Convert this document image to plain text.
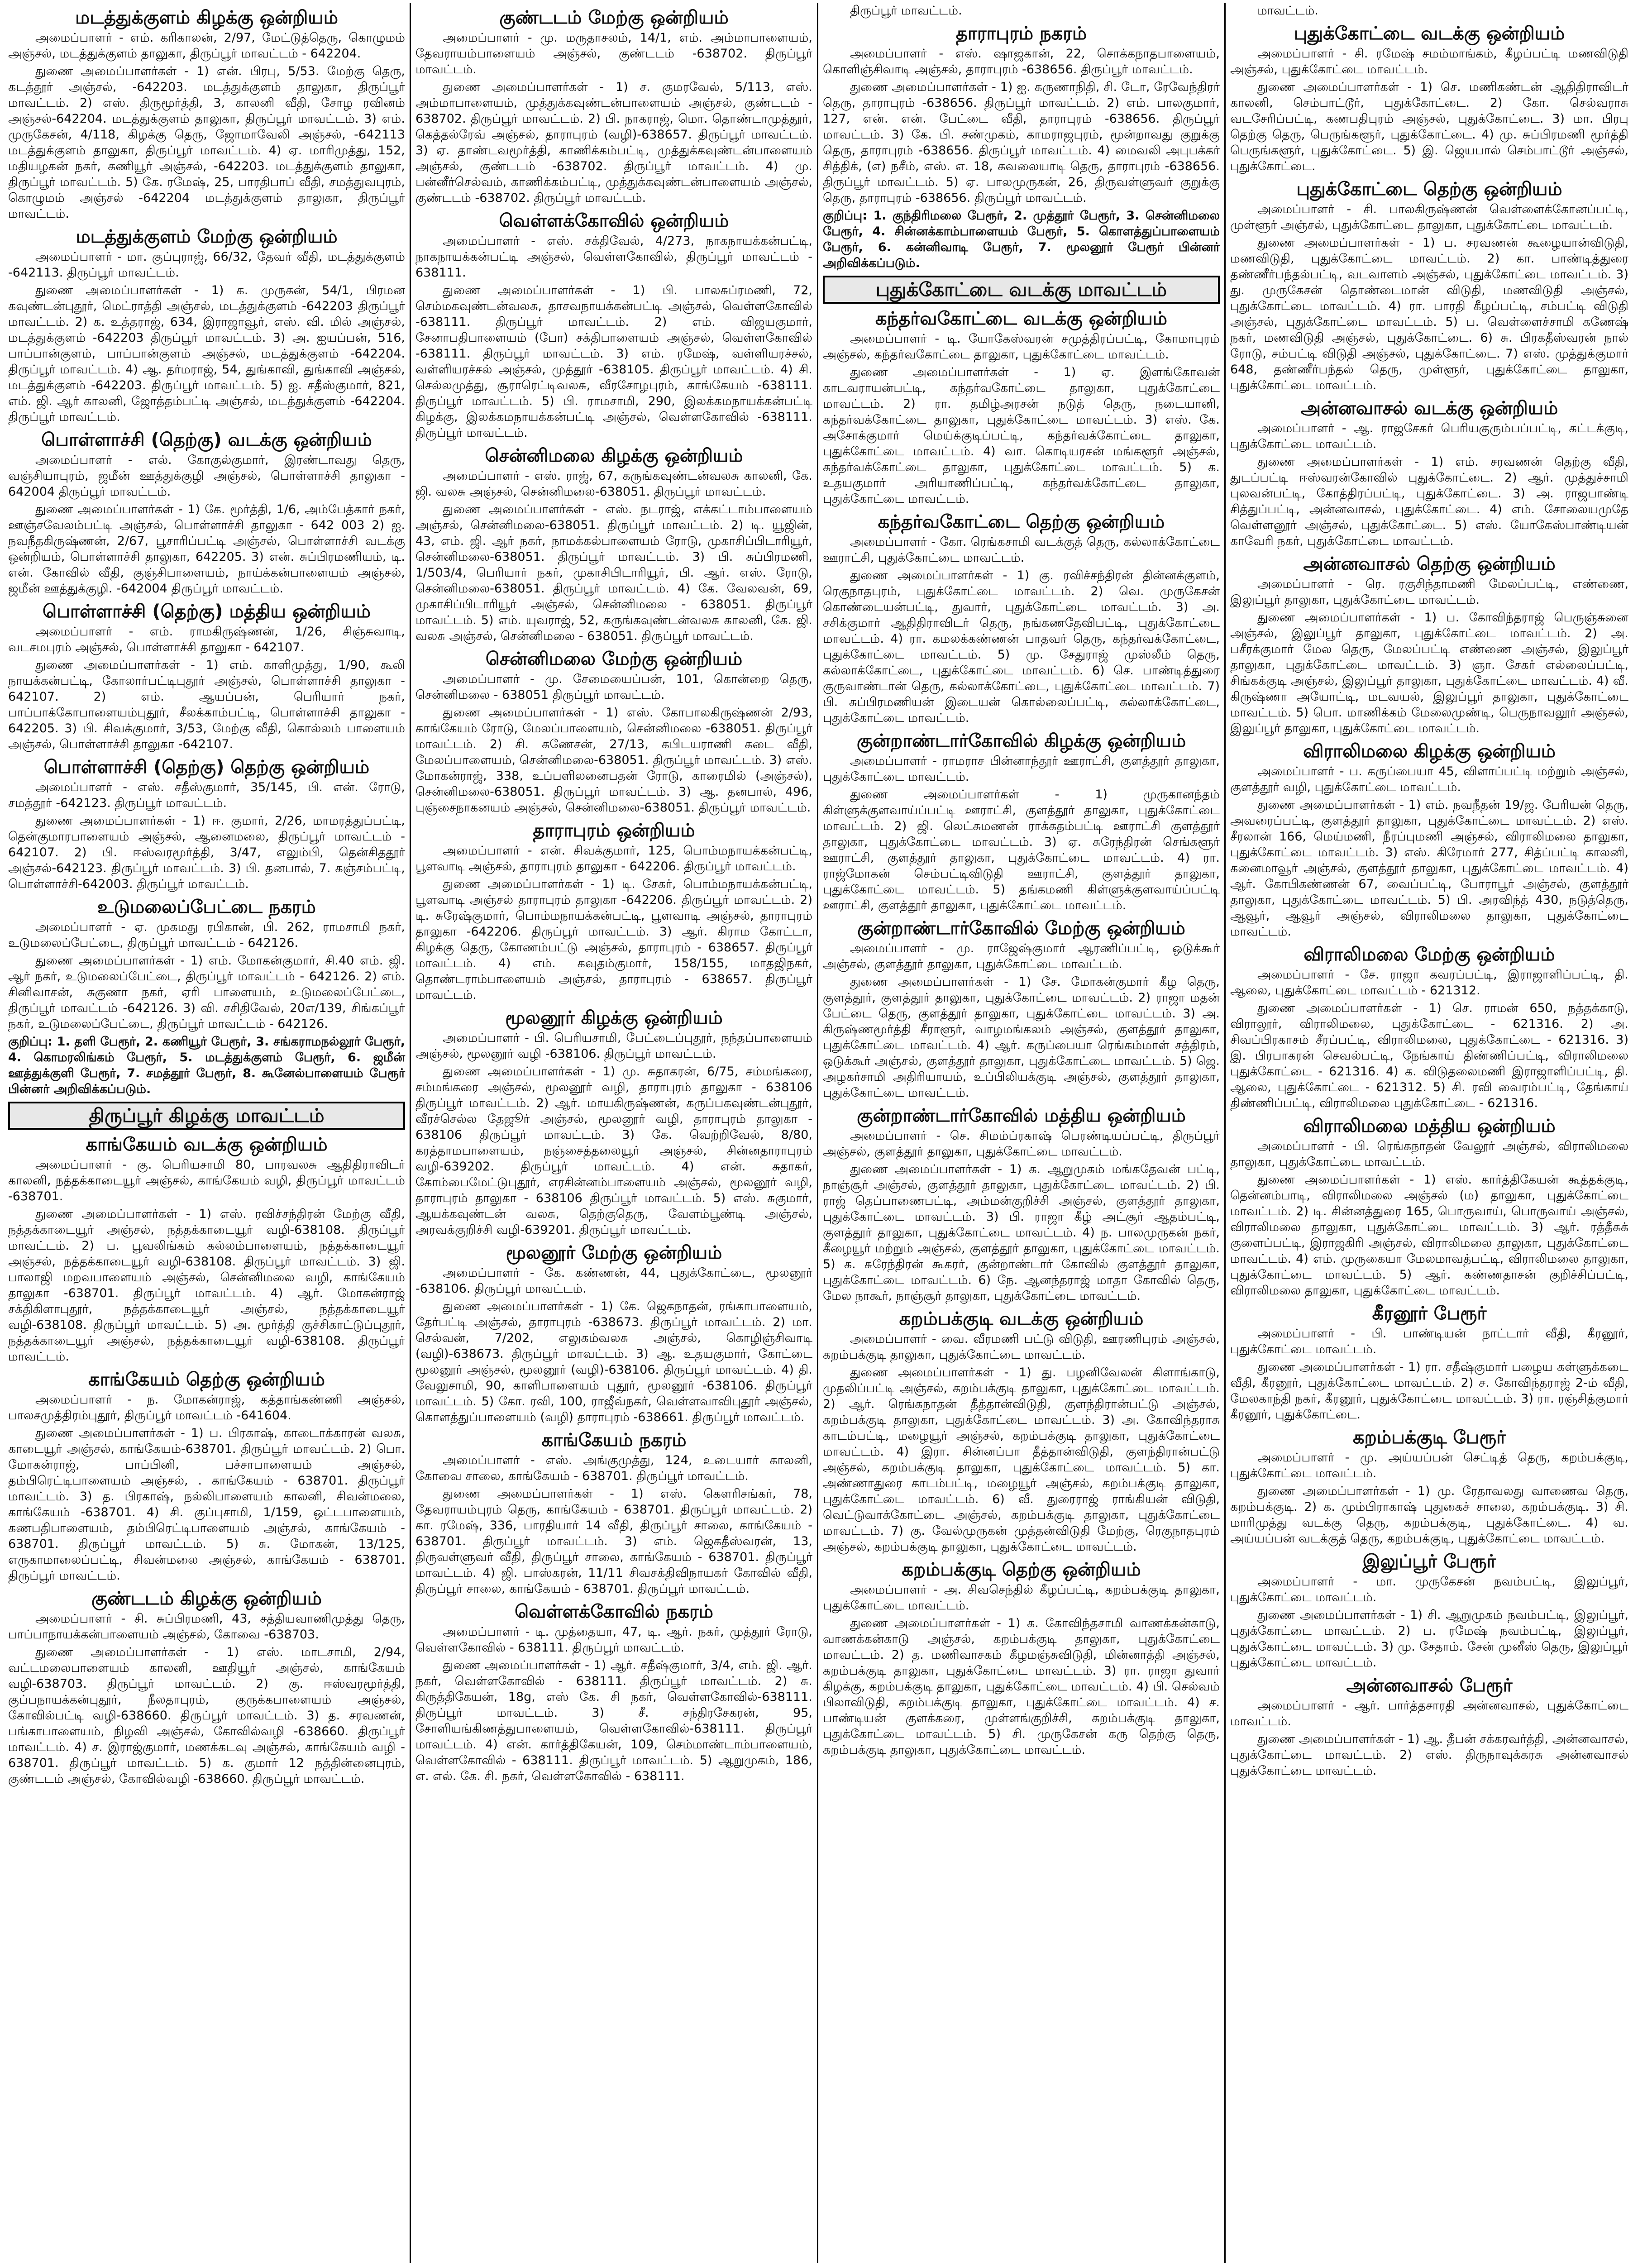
மடத்துக்குளம் கிழக்கு ஒன்றியம்
அமைப்பாளர் - எம். கரிகாலன், 2/97, மேட்டுத்தெரு, கொழுமம் அஞ்சல், மடத்துக்குளம் தாலுகா, திருப்பூர் மாவட்டம் - 642204.
துணை அமைப்பாளர்கள் - 1) என். பிரபு, 5/53. மேற்கு தெரு, கடத்தூர் அஞ்சல், -642203. மடத்துக்குளம் தாலுகா, திருப்பூர் மாவட்டம். 2) எஸ். திருமூர்த்தி, 3, காலனி வீதி, சோழ ரவினம் அஞ்சல்-642204. மடத்துக்குளம் தாலுகா, திருப்பூர் மாவட்டம். 3) எம். முருகேசன், 4/118, கிழக்கு தெரு, ஜோமாவேலி அஞ்சல், -642113 மடத்துக்குளம் தாலுகா, திருப்பூர் மாவட்டம். 4) ஏ. மாரிமுத்து, 152, மதியழகன் நகர், கணியூர் அஞ்சல், -642203. மடத்துக்குளம் தாலுகா, திருப்பூர் மாவட்டம். 5) கே. ரமேஷ், 25, பாரதிபாப் வீதி, சமத்துவபுரம், கொழுமம் அஞ்சல் -642204 மடத்துக்குளம் தாலுகா, திருப்பூர் மாவட்டம்.
மடத்துக்குளம் மேற்கு ஒன்றியம்
அமைப்பாளர் - மா. குப்புராஜ், 66/32, தேவர் வீதி, மடத்துக்குளம் -642113. திருப்பூர் மாவட்டம்.
துணை அமைப்பாளர்கள் - 1) க. முருகன், 54/1, பிரமன கவுண்டன்புதூர், மெட்ராத்தி அஞ்சல், மடத்துக்குளம் -642203 திருப்பூர் மாவட்டம். 2) க. உத்தராஜ், 634, இராஜாவூர், எஸ். வி. மில் அஞ்சல், மடத்துக்குளம் -642203 திருப்பூர் மாவட்டம். 3) அ. ஐயப்பன், 516, பாப்பான்குளம், பாப்பான்குளம் அஞ்சல், மடத்துக்குளம் -642204. திருப்பூர் மாவட்டம். 4) ஆ. தர்மராஜ், 54, துங்காவி, துங்காவி அஞ்சல், மடத்துக்குளம் -642203. திருப்பூர் மாவட்டம். 5) ஐ. சதீஸ்குமார், 821, எம். ஜி. ஆர் காலனி, ஜோத்தம்பட்டி அஞ்சல், மடத்துக்குளம் -642204. திருப்பூர் மாவட்டம்.
பொள்ளாச்சி (தெற்கு) வடக்கு ஒன்றியம்
அமைப்பாளர் - எல். கோகுல்குமார், இரண்டாவது தெரு, வஞ்சியாபுரம், ஜமீன் ஊத்துக்குழி அஞ்சல், பொள்ளாச்சி தாலுகா - 642004 திருப்பூர் மாவட்டம்.
துணை அமைப்பாளர்கள் - 1) கே. மூர்த்தி, 1/6, அம்பேத்கார் நகர், ஊஞ்சவேலம்பட்டி அஞ்சல், பொள்ளாச்சி தாலுகா - 642 003 2) ஐ. நவநீதகிருஷ்ணன், 2/67, பூசாரிப்பட்டி அஞ்சல், பொள்ளாச்சி வடக்கு ஒன்றியம், பொள்ளாச்சி தாலுகா, 642205. 3) என். சுப்பிரமணியம், டி. என். கோவில் வீதி, குஞ்சிபாளையம், நாய்க்கன்பாளையம் அஞ்சல், ஜமீன் ஊத்துக்குழி. -642004 திருப்பூர் மாவட்டம்.
பொள்ளாச்சி (தெற்கு) மத்திய ஒன்றியம்
அமைப்பாளர் - எம். ராமகிருஷ்ணன், 1/26, சிஞ்சுவாடி, வடசமபுரம் அஞ்சல், பொள்ளாச்சி தாலுகா - 642107.
துணை அமைப்பாளர்கள் - 1) எம். காளிமுத்து, 1/90, கூலி நாயக்கன்பட்டி, கோலார்பட்டிபுதூர் அஞ்சல், பொள்ளாச்சி தாலுகா - 642107. 2) எம். ஆயப்பன், பெரியார் நகர், பாப்பாக்கோபாளையம்புதூர், சீலக்காம்பட்டி, பொள்ளாச்சி தாலுகா - 642205. 3) பி. சிவக்குமார், 3/53, மேற்கு வீதி, கொல்லம் பாளையம் அஞ்சல், பொள்ளாச்சி தாலுகா -642107.
பொள்ளாச்சி (தெற்கு) தெற்கு ஒன்றியம்
அமைப்பாளர் - எஸ். சதீஸ்குமார், 35/145, பி. என். ரோடு, சமத்தூர் -642123. திருப்பூர் மாவட்டம்.
துணை அமைப்பாளர்கள் - 1) ஈ. குமார், 2/26, மாமரத்துப்பட்டி, தென்குமாரபாளையம் அஞ்சல், ஆனைமலை, திருப்பூர் மாவட்டம் - 642107. 2) பி. ஈஸ்வரமூர்த்தி, 3/47, எலும்பி, தென்சிததூர் அஞ்சல்-642123. திருப்பூர் மாவட்டம். 3) பி. தனபால், 7. கஞ்சம்பட்டி, பொள்ளாச்சி-642003. திருப்பூர் மாவட்டம்.
உடுமலைப்பேட்டை நகரம்
அமைப்பாளர் - ஏ. முகமது ரபிகான், பி. 262, ராமசாமி நகர், உடுமலைப்பேட்டை, திருப்பூர் மாவட்டம் - 642126.
துணை அமைப்பாளர்கள் - 1) எம். மோகன்குமார், சி.40 எம். ஜி. ஆர் நகர், உடுமலைப்பேட்டை, திருப்பூர் மாவட்டம் - 642126. 2) எம். சினிவாசன், சுகுணா நகர், ஏரி பாளையம், உடுமலைப்பேட்டை, திருப்பூர் மாவட்டம் -642126. 3) வி. சசிதிவேல், 20எ/139, சிங்கப்பூர் நகர், உடுமலைப்பேட்டை, திருப்பூர் மாவட்டம் - 642126.
குறிப்பு: 1. தளி பேரூர், 2. கணியூர் பேரூர், 3. சங்கராமநல்லூர் பேரூர், 4. கொமரலிங்கம் பேரூர், 5. மடத்துக்குளம் பேரூர், 6. ஜமீன் ஊத்துக்குளி பேரூர், 7. சமத்தூர் பேரூர், 8. கூனேல்பாளையம் பேரூர் பின்னர் அறிவிக்கப்படும்.
திருப்பூர் கிழக்கு மாவட்டம்
காங்கேயம் வடக்கு ஒன்றியம்
அமைப்பாளர் - கு. பெரியசாமி 80, பாரவலசு ஆதிதிராவிடர் காலனி, நத்தக்காடையூர் அஞ்சல், காங்கேயம் வழி, திருப்பூர் மாவட்டம் -638701.
துணை அமைப்பாளர்கள் - 1) எஸ். ரவிச்சந்திரன் மேற்கு வீதி, நத்தக்காடையூர் அஞ்சல், நத்தக்காடையூர் வழி-638108. திருப்பூர் மாவட்டம். 2) ப. பூவலிங்கம் கல்லம்பாளையம், நத்தக்காடையூர் அஞ்சல், நத்தக்காடையூர் வழி-638108. திருப்பூர் மாவட்டம். 3) ஜி. பாலாஜி மறவபாளையம் அஞ்சல், சென்னிமலை வழி, காங்கேயம் தாலுகா -638701. திருப்பூர் மாவட்டம். 4) ஆர். மோகன்ராஜ் சக்திகிளாபுதூர், நத்தக்காடையூர் அஞ்சல், நத்தக்காடையூர் வழி-638108. திருப்பூர் மாவட்டம். 5) அ. மூர்த்தி குச்சிகாட்டுப்புதூர், நத்தக்காடையூர் அஞ்சல், நத்தக்காடையூர் வழி-638108. திருப்பூர் மாவட்டம்.
காங்கேயம் தெற்கு ஒன்றியம்
அமைப்பாளர் - ந. மோகன்ராஜ், கத்தாங்கண்ணி அஞ்சல், பாலசமுத்திரம்புதூர், திருப்பூர் மாவட்டம் -641604.
துணை அமைப்பாளர்கள் - 1) ப. பிரகாஷ், காடைாக்காரன் வலசு, காடையூர் அஞ்சல், காங்கேயம்-638701. திருப்பூர் மாவட்டம். 2) பொ. மோகன்ராஜ், பாப்பினி, பச்சாபாளையம் அஞ்சல், தம்பிரெட்டிபாளையம் அஞ்சல், . காங்கேயம் - 638701. திருப்பூர் மாவட்டம். 3) த. பிரகாஷ், நல்லிபாளையம் காலனி, சிவன்மலை, காங்கேயம் -638701. 4) சி. குப்புசாமி, 1/159, ஒட்டபாளையம், கணபதிபாளையம், தம்பிரெட்டிபாளையம் அஞ்சல், காங்கேயம் - 638701. திருப்பூர் மாவட்டம். 5) சு. மோகன், 13/125, எருகாமாலைப்பட்டி, சிவன்மலை அஞ்சல், காங்கேயம் - 638701. திருப்பூர் மாவட்டம்.
குண்டடம் கிழக்கு ஒன்றியம்
அமைப்பாளர் - சி. சுப்பிரமணி, 43, சத்தியவாணிமுத்து தெரு, பாப்பாநாயக்கன்பாளையம் அஞ்சல், கோவை -638703.
துணை அமைப்பாளர்கள் - 1) எஸ். மாடசாமி, 2/94, வட்டமலைபாளையம் காலனி, ஊதியூர் அஞ்சல், காங்கேயம் வழி-638703. திருப்பூர் மாவட்டம். 2) கு. ஈஸ்வரமூர்த்தி, குப்பநாயக்கன்புதூர், நீலதாபுரம், குருக்கபாளையம் அஞ்சல், கோவில்பட்டி வழி-638660. திருப்பூர் மாவட்டம். 3) த. சரவணன், பங்காபாளையம், நிழவி அஞ்சல், கோவில்வழி -638660. திருப்பூர் மாவட்டம். 4) ச. இராஜ்குமார், மணக்கடவு அஞ்சல், காங்கேயம் வழி - 638701. திருப்பூர் மாவட்டம். 5) க. குமார் 12 நத்தின்னைபுரம், குண்டடம் அஞ்சல், கோவில்வழி -638660. திருப்பூர் மாவட்டம்.
குண்டடம் மேற்கு ஒன்றியம்
அமைப்பாளர் - மு. மருதாசலம், 14/1, எம். அம்மாபாளையம், தேவராயம்பாளையம் அஞ்சல், குண்டடம் -638702. திருப்பூர் மாவட்டம்.
துணை அமைப்பாளர்கள் - 1) ச. குமரவேல், 5/113, எஸ். அம்மாபாளையம், முத்துக்கவுண்டன்பாளையம் அஞ்சல், குண்டடம் - 638702. திருப்பூர் மாவட்டம். 2) பி. நாகராஜ், மொ. தொண்டாமுத்தூர், கெத்தல்ரேவ் அஞ்சல், தாராபுரம் (வழி)-638657. திருப்பூர் மாவட்டம். 3) ஏ. தாண்டவமூர்த்தி, காணிக்கம்பட்டி, முத்துக்கவுண்டன்பாளையம் அஞ்சல், குண்டடம் -638702. திருப்பூர் மாவட்டம். 4) மு. பன்னீர்செல்வம், காணிக்கம்பட்டி, முத்துக்கவுண்டன்பாளையம் அஞ்சல், குண்டடம் -638702. திருப்பூர் மாவட்டம்.
வெள்ளக்கோவில் ஒன்றியம்
அமைப்பாளர் - எஸ். சக்திவேல், 4/273, நாகநாயக்கன்பட்டி, நாகநாயக்கன்பட்டி அஞ்சல், வெள்ளகோவில், திருப்பூர் மாவட்டம் - 638111.
துணை அமைப்பாளர்கள் - 1) பி. பாலசுப்ரமணி, 72, செம்மகவுண்டன்வலசு, தாசவநாயக்கன்பட்டி அஞ்சல், வெள்ளகோவில் -638111. திருப்பூர் மாவட்டம். 2) எம். விஜயகுமார், சேனாபதிபாளையம் (போ) சக்திபாளையம் அஞ்சல், வெள்ளகோவில் -638111. திருப்பூர் மாவட்டம். 3) எம். ரமேஷ், வள்ளியரச்சல், வள்ளியரச்சல் அஞ்சல், முத்தூர் -638105. திருப்பூர் மாவட்டம். 4) சி. செல்லமுத்து, சூராரெட்டிவலசு, வீரசோழபுரம், காங்கேயம் -638111. திருப்பூர் மாவட்டம். 5) பி. ராமசாமி, 290, இலக்கமநாயக்கன்பட்டி கிழக்கு, இலக்கமநாயக்கன்பட்டி அஞ்சல், வெள்ளகோவில் -638111. திருப்பூர் மாவட்டம்.
சென்னிமலை கிழக்கு ஒன்றியம்
அமைப்பாளர் - எஸ். ராஜ், 67, கருங்கவுண்டன்வலசு காலனி, கே. ஜி. வலசு அஞ்சல், சென்னிமலை-638051. திருப்பூர் மாவட்டம்.
துணை அமைப்பாளர்கள் - எஸ். நடராஜ், எக்கட்டாம்பாளையம் அஞ்சல், சென்னிமலை-638051. திருப்பூர் மாவட்டம். 2) டி. யூஜின், 43, எம். ஜி. ஆர் நகர், நாமக்கல்பாளையம் ரோடு, முகாசிப்பிடாரியூர், சென்னிமலை-638051. திருப்பூர் மாவட்டம். 3) பி. சுப்பிரமணி, 1/503/4, பெரியார் நகர், முகாசிபிடாரியூர், பி. ஆர். எஸ். ரோடு, சென்னிமலை-638051. திருப்பூர் மாவட்டம். 4) கே. வேலவன், 69, முகாசிப்பிடாரியூர் அஞ்சல், சென்னிமலை - 638051. திருப்பூர் மாவட்டம். 5) எம். யுவராஜ், 52, கருங்கவுண்டன்வலசு காலனி, கே. ஜி. வலசு அஞ்சல், சென்னிமலை - 638051. திருப்பூர் மாவட்டம்.
சென்னிமலை மேற்கு ஒன்றியம்
அமைப்பாளர் - மு. சேமையைப்பன், 101, கொன்றை தெரு, சென்னிமலை - 638051 திருப்பூர் மாவட்டம்.
துணை அமைப்பாளர்கள் - 1) எஸ். கோபாலகிருஷ்ணன் 2/93, காங்கேயம் ரோடு, மேலப்பாளையம், சென்னிமலை -638051. திருப்பூர் மாவட்டம். 2) சி. கணேசன், 27/13, கபிடயராணி கடை வீதி, மேலப்பாளையம், சென்னிமலை-638051. திருப்பூர் மாவட்டம். 3) எஸ். மோகன்ராஜ், 338, உப்பளிலனைபதன் ரோடு, காரைமில் (அஞ்சல்), சென்னிமலை-638051. திருப்பூர் மாவட்டம். 3) ஆ. தனபால், 496, புஞ்சைநாகனயம் அஞ்சல், சென்னிமலை-638051. திருப்பூர் மாவட்டம்.
தாராபுரம் ஒன்றியம்
அமைப்பாளர் - என். சிவக்குமார், 125, பொம்மநாயக்கன்பட்டி, பூளவாடி அஞ்சல், தாராபுரம் தாலுகா - 642206. திருப்பூர் மாவட்டம்.
துணை அமைப்பாளர்கள் - 1) டி. சேகர், பொம்மநாயக்கன்பட்டி, பூளவாடி அஞ்சல் தாராபுரம் தாலுகா -642206. திருப்பூர் மாவட்டம். 2) டி. சுரேஷ்குமார், பொம்மநாயக்கன்பட்டி, பூளவாடி அஞ்சல், தாராபுரம் தாலுகா -642206. திருப்பூர் மாவட்டம். 3) ஆர். கிராம கோட்டா, கிழக்கு தெரு, கோணம்பட்டு அஞ்சல், தாராபுரம் - 638657. திருப்பூர் மாவட்டம். 4) எம். கவுதம்குமார், 158/155, மாதஜிநகர், தொண்டராம்பாளையம் அஞ்சல், தாராபுரம் - 638657. திருப்பூர் மாவட்டம்.
மூலனூர் கிழக்கு ஒன்றியம்
அமைப்பாளர் - பி. பெரியசாமி, பேட்டைப்புதூர், நந்தப்பாளையம் அஞ்சல், மூலனூர் வழி -638106. திருப்பூர் மாவட்டம்.
துணை அமைப்பாளர்கள் - 1) மு. சுதாகரன், 6/75, சம்மங்கரை, சம்மங்கரை அஞ்சல், மூலனூர் வழி, தாராபுரம் தாலுகா - 638106 திருப்பூர் மாவட்டம். 2) ஆர். மாயகிருஷ்ணன், கருப்பகவுண்டன்புதூர், வீரச்செல்ல தேஜூர் அஞ்சல், மூலனூர் வழி, தாராபுரம் தாலுகா - 638106 திருப்பூர் மாவட்டம். 3) கே. வெற்றிவேல், 8/80, கரத்தாமபாளையம், நஞ்சைத்தலையூர் அஞ்சல், சின்னதாராபுரம் வழி-639202. திருப்பூர் மாவட்டம். 4) என். சுதாகர், கோம்பைமேட்டுபுதூர், எரசின்னம்பாளையம் அஞ்சல், மூலனூர் வழி, தாராபுரம் தாலுகா - 638106 திருப்பூர் மாவட்டம். 5) எஸ். சுகுமார், ஆயக்கவுண்டன் வலசு, தெற்குதெரு, வேளம்பூண்டி அஞ்சல், அரவக்குறிச்சி வழி-639201. திருப்பூர் மாவட்டம்.
மூலனூர் மேற்கு ஒன்றியம்
அமைப்பாளர் - கே. கண்ணன், 44, புதுக்கோட்டை, மூலனூர் -638106. திருப்பூர் மாவட்டம்.
துணை அமைப்பாளர்கள் - 1) கே. ஜெகநாதன், ரங்காபாளையம், தேர்பட்டி அஞ்சல், தாராபுரம் -638673. திருப்பூர் மாவட்டம். 2) மா. செல்வன், 7/202, எலுகம்வலசு அஞ்சல், கொழிஞ்சிவாடி (வழி)-638673. திருப்பூர் மாவட்டம். 3) ஆ. உதயகுமார், கோட்டை மூலனூர் அஞ்சல், மூலனூர் (வழி)-638106. திருப்பூர் மாவட்டம். 4) தி. வேலுசாமி, 90, காளிபாளையம் புதூர், மூலனூர் -638106. திருப்பூர் மாவட்டம். 5) கோ. ரவி, 100, ராஜீவ்நகர், வெள்ளவாவிபுதூர் அஞ்சல், கொளத்துப்பாளையம் (வழி) தாராபுரம் -638661. திருப்பூர் மாவட்டம்.
காங்கேயம் நகரம்
அமைப்பாளர் - எஸ். அங்குமுத்து, 124, உடையார் காலனி, கோவை சாலை, காங்கேயம் - 638701. திருப்பூர் மாவட்டம்.
துணை அமைப்பாளர்கள் - 1) எஸ். கௌரிசங்கர், 78, தேவராயம்புரம் தெரு, காங்கேயம் - 638701. திருப்பூர் மாவட்டம். 2) கா. ரமேஷ், 336, பாரதியார் 14 வீதி, திருப்பூர் சாலை, காங்கேயம் - 638701. திருப்பூர் மாவட்டம். 3) எம். ஜெகதீஸ்வரன், 13, திருவள்ளுவர் வீதி, திருப்பூர் சாலை, காங்கேயம் - 638701. திருப்பூர் மாவட்டம். 4) ஜி. பாஸ்கரன், 11/11 சிவசக்திவிநாயகர் கோவில் வீதி, திருப்பூர் சாலை, காங்கேயம் - 638701. திருப்பூர் மாவட்டம்.
வெள்ளக்கோவில் நகரம்
அமைப்பாளர் - டி. முத்தையா, 47, டி. ஆர். நகர், முத்தூர் ரோடு, வெள்ளகோவில் - 638111. திருப்பூர் மாவட்டம்.
துணை அமைப்பாளர்கள் - 1) ஆர். சதீஷ்குமார், 3/4, எம். ஜி. ஆர். நகர், வெள்ளகோவில் - 638111. திருப்பூர் மாவட்டம். 2) சு. கிருத்திகேயன், 18g, எஸ் கே. சி நகர், வெள்ளகோவில்-638111. திருப்பூர் மாவட்டம். 3) சீ. சந்திரசேகரன், 95, சோளியங்கிணத்துபாளையம், வெள்ளகோவில்-638111. திருப்பூர் மாவட்டம். 4) என். கார்த்திகேயன், 109, செம்மாண்டாம்பாளையம், வெள்ளகோவில் - 638111. திருப்பூர் மாவட்டம். 5) ஆறுமுகம், 186, எ. எல். கே. சி. நகர், வெள்ளகோவில் - 638111.
திருப்பூர் மாவட்டம்.
தாராபுரம் நகரம்
அமைப்பாளர் - எஸ். ஷாஜகான், 22, சொக்கநாதபாளையம், கொளிஞ்சிவாடி அஞ்சல், தாராபுரம் -638656. திருப்பூர் மாவட்டம்.
துணை அமைப்பாளர்கள் - 1) ஐ. கருணாநிதி, சி. டோ, ரேவேந்திரர் தெரு, தாராபுரம் -638656. திருப்பூர் மாவட்டம். 2) எம். பாலகுமார், 127, என். என். பேட்டை வீதி, தாராபுரம் -638656. திருப்பூர் மாவட்டம். 3) கே. பி. சண்முகம், காமராஜபுரம், மூன்றாவது குறுக்கு தெரு, தாராபுரம் -638656. திருப்பூர் மாவட்டம். 4) மைவலி அபுபக்கர் சித்திக், (எ) நசீம், எஸ். எ. 18, கவலையாடி தெரு, தாராபுரம் -638656. திருப்பூர் மாவட்டம். 5) ஏ. பாலமுருகன், 26, திருவள்ளுவர் குறுக்கு தெரு, தாராபுரம் -638656. திருப்பூர் மாவட்டம்.
குறிப்பு: 1. குந்திரிமலை பேரூர், 2. முத்தூர் பேரூர், 3. சென்னிமலை பேரூர், 4. சின்னக்காம்பாளையம் பேரூர், 5. கொளத்துப்பாளையம் பேரூர், 6. கன்னிவாடி பேரூர், 7. மூலனூர் பேரூர் பின்னர் அறிவிக்கப்படும்.
புதுக்கோட்டை வடக்கு மாவட்டம்
கந்தர்வகோட்டை வடக்கு ஒன்றியம்
அமைப்பாளர் - டி. யோகேஸ்வரன் சமுத்திரப்பட்டி, கோமாபுரம் அஞ்சல், கந்தர்வகோட்டை தாலுகா, புதுக்கோட்டை மாவட்டம்.
துணை அமைப்பாளர்கள் - 1) ஏ. இளங்கோவன் காடவராயன்பட்டி, கந்தர்வகோட்டை தாலுகா, புதுக்கோட்டை மாவட்டம். 2) ரா. தமிழ்அரசன் நடுத் தெரு, நடையானி, கந்தர்வக்கோட்டை தாலுகா, புதுக்கோட்டை மாவட்டம். 3) எஸ். கே. அசோக்குமார் மெய்க்குடிப்பட்டி, கந்தர்வக்கோட்டை தாலுகா, புதுக்கோட்டை மாவட்டம். 4) வா. கொடியரசன் மங்களூர் அஞ்சல், கந்தர்வக்கோட்டை தாலுகா, புதுக்கோட்டை மாவட்டம். 5) க. உதயகுமார் அரியாணிப்பட்டி, கந்தர்வக்கோட்டை தாலுகா, புதுக்கோட்டை மாவட்டம்.
கந்தர்வகோட்டை தெற்கு ஒன்றியம்
அமைப்பாளர் - கோ. ரெங்கசாமி வடக்குத் தெரு, கல்லாக்கோட்டை ஊராட்சி, புதுக்கோட்டை மாவட்டம்.
துணை அமைப்பாளர்கள் - 1) கு. ரவிச்சந்திரன் தின்னக்குளம், ரெகுநாதபுரம், புதுக்கோட்டை மாவட்டம். 2) வெ. முருகேசன் கொண்டையன்பட்டி, துவார், புதுக்கோட்டை மாவட்டம். 3) அ. சசிக்குமார் ஆதிதிராவிடர் தெரு, நங்கணதேவிபட்டி, புதுக்கோட்டை மாவட்டம். 4) ரா. கமலக்கண்ணன் பாதவர் தெரு, கந்தர்வக்கோட்டை, புதுக்கோட்டை மாவட்டம். 5) மு. சேதுராஜ் முஸ்லீம் தெரு, கல்லாக்கோட்டை, புதுக்கோட்டை மாவட்டம். 6) செ. பாண்டித்துரை குருவாண்டான் தெரு, கல்லாக்கோட்டை, புதுக்கோட்டை மாவட்டம். 7) பி. சுப்பிரமணியன் இடையன் கொல்லைப்பட்டி, கல்லாக்கோட்டை, புதுக்கோட்டை மாவட்டம்.
குன்றாண்டார்கோவில் கிழக்கு ஒன்றியம்
அமைப்பாளர் - ராமராச பின்னாந்தூர் ஊராட்சி, குளத்தூர் தாலுகா, புதுக்கோட்டை மாவட்டம்.
துணை அமைப்பாளர்கள் - 1) முருகானந்தம் கிள்ளுக்குளவாய்ப்பட்டி ஊராட்சி, குளத்தூர் தாலுகா, புதுக்கோட்டை மாவட்டம். 2) ஜி. லெட்சுமணன் ராக்கதம்பட்டி ஊராட்சி குளத்தூர் தாலுகா, புதுக்கோட்டை மாவட்டம். 3) ஏ. சுரேந்திரன் செங்களூர் ஊராட்சி, குளத்தூர் தாலுகா, புதுக்கோட்டை மாவட்டம். 4) ரா. ராஜ்மோகன் செம்பட்டிவிடுதி ஊராட்சி, குளத்தூர் தாலுகா, புதுக்கோட்டை மாவட்டம். 5) தங்கமணி கிள்ளுக்குளவாய்ப்பட்டி ஊராட்சி, குளத்தூர் தாலுகா, புதுக்கோட்டை மாவட்டம்.
குன்றாண்டார்கோவில் மேற்கு ஒன்றியம்
அமைப்பாளர் - மு. ராஜேஷ்குமார் ஆரணிப்பட்டி, ஒடுக்கூர் அஞ்சல், குளத்தூர் தாலுகா, புதுக்கோட்டை மாவட்டம்.
துணை அமைப்பாளர்கள் - 1) சே. மோகன்குமார் கீழ தெரு, குளத்தூர், குளத்தூர் தாலுகா, புதுக்கோட்டை மாவட்டம். 2) ராஜா மதன் பேட்டை தெரு, குளத்தூர் தாலுகா, புதுக்கோட்டை மாவட்டம். 3) அ. கிருஷ்ணமூர்த்தி சீராளூர், வாழமங்கலம் அஞ்சல், குளத்தூர் தாலுகா, புதுக்கோட்டை மாவட்டம். 4) ஆர். கருப்பையா ரெங்கம்மாள் சத்திரம், ஒடுக்கூர் அஞ்சல், குளத்தூர் தாலுகா, புதுக்கோட்டை மாவட்டம். 5) ஜெ. அழகர்சாமி அதிரியாயம், உப்பிலியக்குடி அஞ்சல், குளத்தூர் தாலுகா, புதுக்கோட்டை மாவட்டம்.
குன்றாண்டார்கோவில் மத்திய ஒன்றியம்
அமைப்பாளர் - செ. சிமம்ப்ரகாஷ் பெரண்டியப்பட்டி, திருப்பூர் அஞ்சல், குளத்தூர் தாலுகா, புதுக்கோட்டை மாவட்டம்.
துணை அமைப்பாளர்கள் - 1) க. ஆறுமுகம் மங்கதேவன் பட்டி, நாஞ்சூர் அஞ்சல், குளத்தூர் தாலுகா, புதுக்கோட்டை மாவட்டம். 2) பி. ராஜ் தெப்பாணைபட்டி, அம்மன்குறிச்சி அஞ்சல், குளத்தூர் தாலுகா, புதுக்கோட்டை மாவட்டம். 3) பி. ராஜா கீழ் அட்சூர் ஆதம்பட்டி, குளத்தூர் தாலுகா, புதுக்கோட்டை மாவட்டம். 4) ந. பாலமுருகன் நகர், கீழையூர் மற்றும் அஞ்சல், குளத்தூர் தாலுகா, புதுக்கோட்டை மாவட்டம். 5) க. சுரேந்திரன் கூகரர், குன்றாண்டார் கோவில் குளத்தூர் தாலுகா, புதுக்கோட்டை மாவட்டம். 6) நே. ஆனந்தராஜ் மாதா கோவில் தெரு, மேல நாகூர், நாஞ்சூர் தாலுகா, புதுக்கோட்டை மாவட்டம்.
கறம்பக்குடி வடக்கு ஒன்றியம்
அமைப்பாளர் - வை. வீரமணி பட்டு விடுதி, ஊரணிபுரம் அஞ்சல், கறம்பக்குடி தாலுகா, புதுக்கோட்டை மாவட்டம்.
துணை அமைப்பாளர்கள் - 1) து. பழனிவேலன் கிளாங்காடு, முதலிப்பட்டி அஞ்சல், கறம்பக்குடி தாலுகா, புதுக்கோட்டை மாவட்டம். 2) ஆர். ரெங்கநாதன் தீத்தான்விடுதி, குளந்திரான்பட்டு அஞ்சல், கறம்பக்குடி தாலுகா, புதுக்கோட்டை மாவட்டம். 3) அ. கோவிந்தராசு காடம்பட்டி, மழையூர் அஞ்சல், கறம்பக்குடி தாலுகா, புதுக்கோட்டை மாவட்டம். 4) இரா. சின்னப்பா தீத்தான்விடுதி, குளந்திரான்பட்டு அஞ்சல், கறம்பக்குடி தாலுகா, புதுக்கோட்டை மாவட்டம். 5) கா. அண்ணாதுரை காடம்பட்டி, மழையூர் அஞ்சல், கறம்பக்குடி தாலுகா, புதுக்கோட்டை மாவட்டம். 6) வீ. துரைராஜ் ராங்கியன் விடுதி, வெட்டுவாக்கோட்டை அஞ்சல், கறம்பக்குடி தாலுகா, புதுக்கோட்டை மாவட்டம். 7) கு. வேல்முருகன் முத்தன்விடுதி மேற்கு, ரெகுநாதபுரம் அஞ்சல், கறம்பக்குடி தாலுகா, புதுக்கோட்டை மாவட்டம்.
கறம்பக்குடி தெற்கு ஒன்றியம்
அமைப்பாளர் - அ. சிவசெந்தில் கீழப்பட்டி, கறம்பக்குடி தாலுகா, புதுக்கோட்டை மாவட்டம்.
துணை அமைப்பாளர்கள் - 1) க. கோவிந்தசாமி வாணக்கன்காடு, வாணக்கன்காடு அஞ்சல், கறம்பக்குடி தாலுகா, புதுக்கோட்டை மாவட்டம். 2) த. மணிவாசகம் கீழமஞ்சுவிடுதி, மின்னாத்தி அஞ்சல், கறம்பக்குடி தாலுகா, புதுக்கோட்டை மாவட்டம். 3) ரா. ராஜா துவார் கிழக்கு, கறம்பக்குடி தாலுகா, புதுக்கோட்டை மாவட்டம். 4) பி. செல்வம் பிலாவிடுதி, கறம்பக்குடி தாலுகா, புதுக்கோட்டை மாவட்டம். 4) ச. பாண்டியன் குளக்கரை, முள்ளங்குறிச்சி, கறம்பக்குடி தாலுகா, புதுக்கோட்டை மாவட்டம். 5) சி. முருகேசன் கரு தெற்கு தெரு, கறம்பக்குடி தாலுகா, புதுக்கோட்டை மாவட்டம்.
மாவட்டம்.
புதுக்கோட்டை வடக்கு ஒன்றியம்
அமைப்பாளர் - சி. ரமேஷ் சமம்மாங்கம், கீழப்பட்டி மணவிடுதி அஞ்சல், புதுக்கோட்டை மாவட்டம்.
துணை அமைப்பாளர்கள் - 1) செ. மணிகண்டன் ஆதிதிராவிடர் காலனி, செம்பாட்டூர், புதுக்கோட்டை. 2) கோ. செல்வராசு வடசேரிப்பட்டி, கணபதிபுரம் அஞ்சல், புதுக்கோட்டை. 3) மா. பிரபு தெற்கு தெரு, பெருங்களூர், புதுக்கோட்டை. 4) மு. சுப்பிரமணி மூர்த்தி பெருங்களூர், புதுக்கோட்டை. 5) இ. ஜெயபால் செம்பாட்டூர் அஞ்சல், புதுக்கோட்டை.
புதுக்கோட்டை தெற்கு ஒன்றியம்
அமைப்பாளர் - சி. பாலகிருஷ்ணன் வெள்ளைக்கோனப்பட்டி, முள்ளூர் அஞ்சல், புதுக்கோட்டை தாலுகா, புதுக்கோட்டை மாவட்டம்.
துணை அமைப்பாளர்கள் - 1) ப. சரவணன் கூழையான்விடுதி, மணவிடுதி, புதுக்கோட்டை மாவட்டம். 2) கா. பாண்டித்துரை தண்ணீர்பந்தல்பட்டி, வடவாளம் அஞ்சல், புதுக்கோட்டை மாவட்டம். 3) து. முருகேசன் தொண்டைமான் விடுதி, மணவிடுதி அஞ்சல், புதுக்கோட்டை மாவட்டம். 4) ரா. பாரதி கீழப்பட்டி, சம்பட்டி விடுதி அஞ்சல், புதுக்கோட்டை மாவட்டம். 5) ப. வெள்ளைச்சாமி கணேஷ் நகர், மணவிடுதி அஞ்சல், புதுக்கோட்டை. 6) சு. பிரகதீஸ்வரன் நால் ரோடு, சம்பட்டி விடுதி அஞ்சல், புதுக்கோட்டை. 7) எஸ். முத்துக்குமார் 648, தண்ணீர்பந்தல் தெரு, முள்ளூர், புதுக்கோட்டை தாலுகா, புதுக்கோட்டை மாவட்டம்.
அன்னவாசல் வடக்கு ஒன்றியம்
அமைப்பாளர் - ஆ. ராஜசேகர் பெரியகுரும்பப்பட்டி, கட்டக்குடி, புதுக்கோட்டை மாவட்டம்.
துணை அமைப்பாளர்கள் - 1) எம். சரவணன் தெற்கு வீதி, துடப்பட்டி ஈஸ்வரன்கோவில் புதுக்கோட்டை. 2) ஆர். முத்துச்சாமி புலவன்பட்டி, கோத்திரப்பட்டி, புதுக்கோட்டை. 3) அ. ராஜபாண்டி சித்துப்பட்டி, அன்னவாசல், புதுக்கோட்டை. 4) எம். சோலையமுதே வெள்ளனூர் அஞ்சல், புதுக்கோட்டை. 5) எஸ். யோகேஸ்பாண்டியன் காவேரி நகர், புதுக்கோட்டை மாவட்டம்.
அன்னவாசல் தெற்கு ஒன்றியம்
அமைப்பாளர் - ரெ. ரகுசிந்தாமணி மேலப்பட்டி, எண்ணை, இலுப்பூர் தாலுகா, புதுக்கோட்டை மாவட்டம்.
துணை அமைப்பாளர்கள் - 1) ப. கோவிந்தராஜ் பெருஞ்சுனை அஞ்சல், இலுப்பூர் தாலுகா, புதுக்கோட்டை மாவட்டம். 2) அ. பசீரக்குமார் மேல தெரு, மேலப்பட்டி எண்ணை அஞ்சல், இலுப்பூர் தாலுகா, புதுக்கோட்டை மாவட்டம். 3) ஞா. சேகர் எல்லைப்பட்டி, சிங்கக்குடி அஞ்சல், இலுப்பூர் தாலுகா, புதுக்கோட்டை மாவட்டம். 4) வீ. கிருஷ்ணா அயோட்டி, மடவயல், இலுப்பூர் தாலுகா, புதுக்கோட்டை மாவட்டம். 5) பொ. மாணிக்கம் மேலைமுண்டி, பெருநாவலூர் அஞ்சல், இலுப்பூர் தாலுகா, புதுக்கோட்டை மாவட்டம்.
விராலிமலை கிழக்கு ஒன்றியம்
அமைப்பாளர் - ப. கருப்பையா 45, விளாப்பட்டி மற்றும் அஞ்சல், குளத்தூர் வழி, புதுக்கோட்டை மாவட்டம்.
துணை அமைப்பாளர்கள் - 1) எம். நவநீதன் 19/ஜ. பேரியன் தெரு, அவரைப்பட்டி, குளத்தூர் தாலுகா, புதுக்கோட்டை மாவட்டம். 2) எஸ். சீரலான் 166, மெய்மணி, நீரப்புமணி அஞ்சல், விராலிமலை தாலுகா, புதுக்கோட்டை மாவட்டம். 3) எஸ். கிரேமார் 277, சித்ப்பட்டி காலனி, கனைமாவூர் அஞ்சல், குளத்தூர் தாலுகா, புதுக்கோட்டை மாவட்டம். 4) ஆர். கோபிகண்ணன் 67, வைப்பட்டி, போராபூர் அஞ்சல், குளத்தூர் தாலுகா, புதுக்கோட்டை மாவட்டம். 5) பி. அரவிந்த் 430, நடுத்தெரு, ஆவூர், ஆவூர் அஞ்சல், விராலிமலை தாலுகா, புதுக்கோட்டை மாவட்டம்.
விராலிமலை மேற்கு ஒன்றியம்
அமைப்பாளர் - சே. ராஜா கவரப்பட்டி, இராஜாளிப்பட்டி, தி. ஆலை, புதுக்கோட்டை மாவட்டம் - 621312.
துணை அமைப்பாளர்கள் - 1) செ. ராமன் 650, நத்தக்காடு, விராலூர், விராலிமலை, புதுக்கோட்டை - 621316. 2) அ. சிவப்பிரகாசம் சீரப்பட்டி, விராலிமலை, புதுக்கோட்டை - 621316. 3) இ. பிரபாகரன் செவல்பட்டி, நேங்காய் திண்ணிப்பட்டி, விராலிமலை புதுக்கோட்டை - 621316. 4) க. விடுதலைமணி இராஜாளிப்பட்டி, தி. ஆலை, புதுக்கோட்டை - 621312. 5) சி. ரவி வைரம்பட்டி, தேங்காய் திண்ணிப்பட்டி, விராலிமலை புதுக்கோட்டை - 621316.
விராலிமலை மத்திய ஒன்றியம்
அமைப்பாளர் - பி. ரெங்கநாதன் வேலூர் அஞ்சல், விராலிமலை தாலுகா, புதுக்கோட்டை மாவட்டம்.
துணை அமைப்பாளர்கள் - 1) எஸ். கார்த்திகேயன் கூத்தக்குடி, தென்னம்பாடி, விராலிமலை அஞ்சல் (ம) தாலுகா, புதுக்கோட்டை மாவட்டம். 2) டி. சின்னத்துரை 165, பொருவாய், பொருவாய் அஞ்சல், விராலிமலை தாலுகா, புதுக்கோட்டை மாவட்டம். 3) ஆர். ரத்தீசுக் குளைப்பட்டி, இராஜகிரி அஞ்சல், விராலிமலை தாலுகா, புதுக்கோட்டை மாவட்டம். 4) எம். முருகையா மேலமாவத்பட்டி, விராலிமலை தாலுகா, புதுக்கோட்டை மாவட்டம். 5) ஆர். கண்ணதாசன் குறிச்சிப்பட்டி, விராலிமலை தாலுகா, புதுக்கோட்டை மாவட்டம்.
கீரனூர் பேரூர்
அமைப்பாளர் - பி. பாண்டியன் நாட்டார் வீதி, கீரனூர், புதுக்கோட்டை மாவட்டம்.
துணை அமைப்பாளர்கள் - 1) ரா. சதீஷ்குமார் பழைய கள்ளுக்கடை வீதி, கீரனூர், புதுக்கோட்டை மாவட்டம். 2) ச. கோவிந்தராஜ் 2-ம் வீதி, மேலகாந்தி நகர், கீரனூர், புதுக்கோட்டை மாவட்டம். 3) ரா. ரஞ்சித்குமார் கீரனூர், புதுக்கோட்டை.
கறம்பக்குடி பேரூர்
அமைப்பாளர் - மு. அய்யப்பன் செட்டித் தெரு, கறம்பக்குடி, புதுக்கோட்டை மாவட்டம்.
துணை அமைப்பாளர்கள் - 1) மு. ரேதாவலது வாணைவ தெரு, கறம்பக்குடி. 2) க. மும்பிராகாஷ் புதுகைச் சாலை, கறம்பக்குடி. 3) சி. மாரிமுத்து வடக்கு தெரு, கறம்பக்குடி, புதுக்கோட்டை. 4) வ. அய்யப்பன் வடக்குத் தெரு, கறம்பக்குடி, புதுக்கோட்டை மாவட்டம்.
இலுப்பூர் பேரூர்
அமைப்பாளர் - மா. முருகேசன் நவம்பட்டி, இலுப்பூர், புதுக்கோட்டை மாவட்டம்.
துணை அமைப்பாளர்கள் - 1) சி. ஆறுமுகம் நவம்பட்டி, இலுப்பூர், புதுக்கோட்டை மாவட்டம். 2) ப. ரமேஷ் நவம்பட்டி, இலுப்பூர், புதுக்கோட்டை மாவட்டம். 3) மு. சேதாம். சேன் முனீஸ் தெரு, இலுப்பூர் புதுக்கோட்டை மாவட்டம்.
அன்னவாசல் பேரூர்
அமைப்பாளர் - ஆர். பார்த்தசாரதி அன்னவாசல், புதுக்கோட்டை மாவட்டம்.
துணை அமைப்பாளர்கள் - 1) ஆ. தீபன் சக்கரவர்த்தி, அன்னவாசல், புதுக்கோட்டை மாவட்டம். 2) எஸ். திருநாவுக்கரசு அன்னவாசல் புதுக்கோட்டை மாவட்டம்.
